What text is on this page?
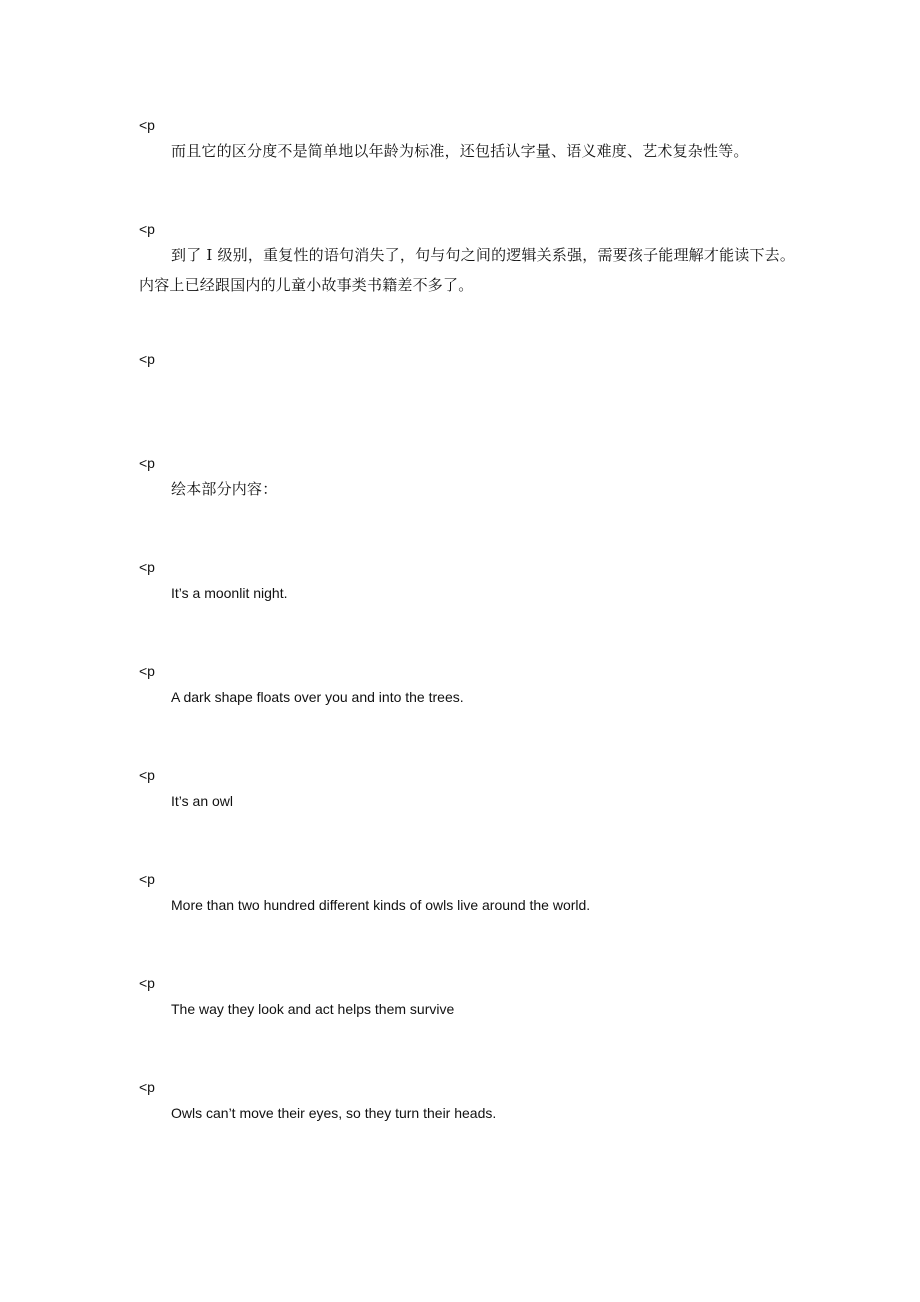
<p
而且它的区分度不是简单地以年龄为标准，还包括认字量、语义难度、艺术复杂性等。
<p
到了 I 级别，重复性的语句消失了，句与句之间的逻辑关系强，需要孩子能理解才能读下去。内容上已经跟国内的儿童小故事类书籍差不多了。
<p
<p
绘本部分内容：
<p
It’s a moonlit night.
<p
A dark shape floats over you and into the trees.
<p
It’s an owl
<p
More than two hundred different kinds of owls live around the world.
<p
The way they look and act helps them survive
<p
Owls can’t move their eyes, so they turn their heads.
